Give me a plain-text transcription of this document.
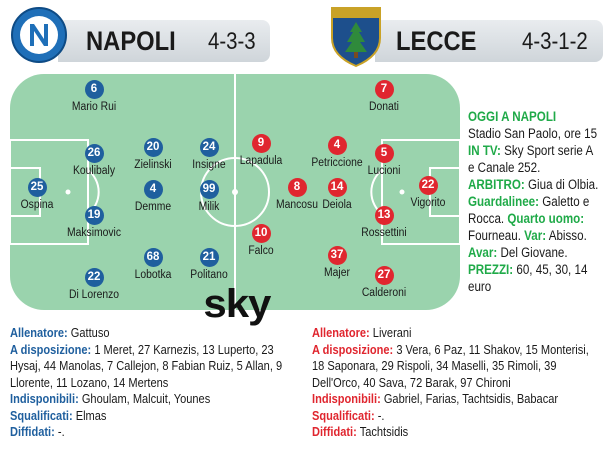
NAPOLI 4-3-3	LECCE 4-3-1-2
25
Ospina
6
Mario Rui
26
Koulibaly
19
Maksimovic
22
Di Lorenzo
20
Zielinski
4
Demme
68
Lobotka
24
Insigne
99
Milik
21
Politano
22
Vigorito
7
Donati
5
Lucioni
13
Rossettini
27
Calderoni
4
Petriccione
14
Deiola
37
Majer
8
Mancosu
9
Lapadula
10
Falco
sky
OGGI A NAPOLI
Stadio San Paolo, ore 15
IN TV: Sky Sport serie A e Canale 252.
ARBITRO: Giua di Olbia. Guardalinee: Galetto e Rocca. Quarto uomo: Fourneau. Var: Abisso. Avar: Del Giovane.
PREZZI: 60, 45, 30, 14 euro
Allenatore: Gattuso
A disposizione: 1 Meret, 27 Karnezis, 13 Luperto, 23 Hysaj, 44 Manolas, 7 Callejon, 8 Fabian Ruiz, 5 Allan, 9 Llorente, 11 Lozano, 14 Mertens
Indisponibili: Ghoulam, Malcuit, Younes
Squalificati: Elmas
Diffidati: -.
Allenatore: Liverani
A disposizione: 3 Vera, 6 Paz, 11 Shakov, 15 Monterisi, 18 Saponara, 29 Rispoli, 34 Maselli, 35 Rimoli, 39 Dell'Orco, 40 Sava, 72 Barak, 97 Chironi
Indisponibili: Gabriel, Farias, Tachtsidis, Babacar
Squalificati: -.
Diffidati: Tachtsidis
